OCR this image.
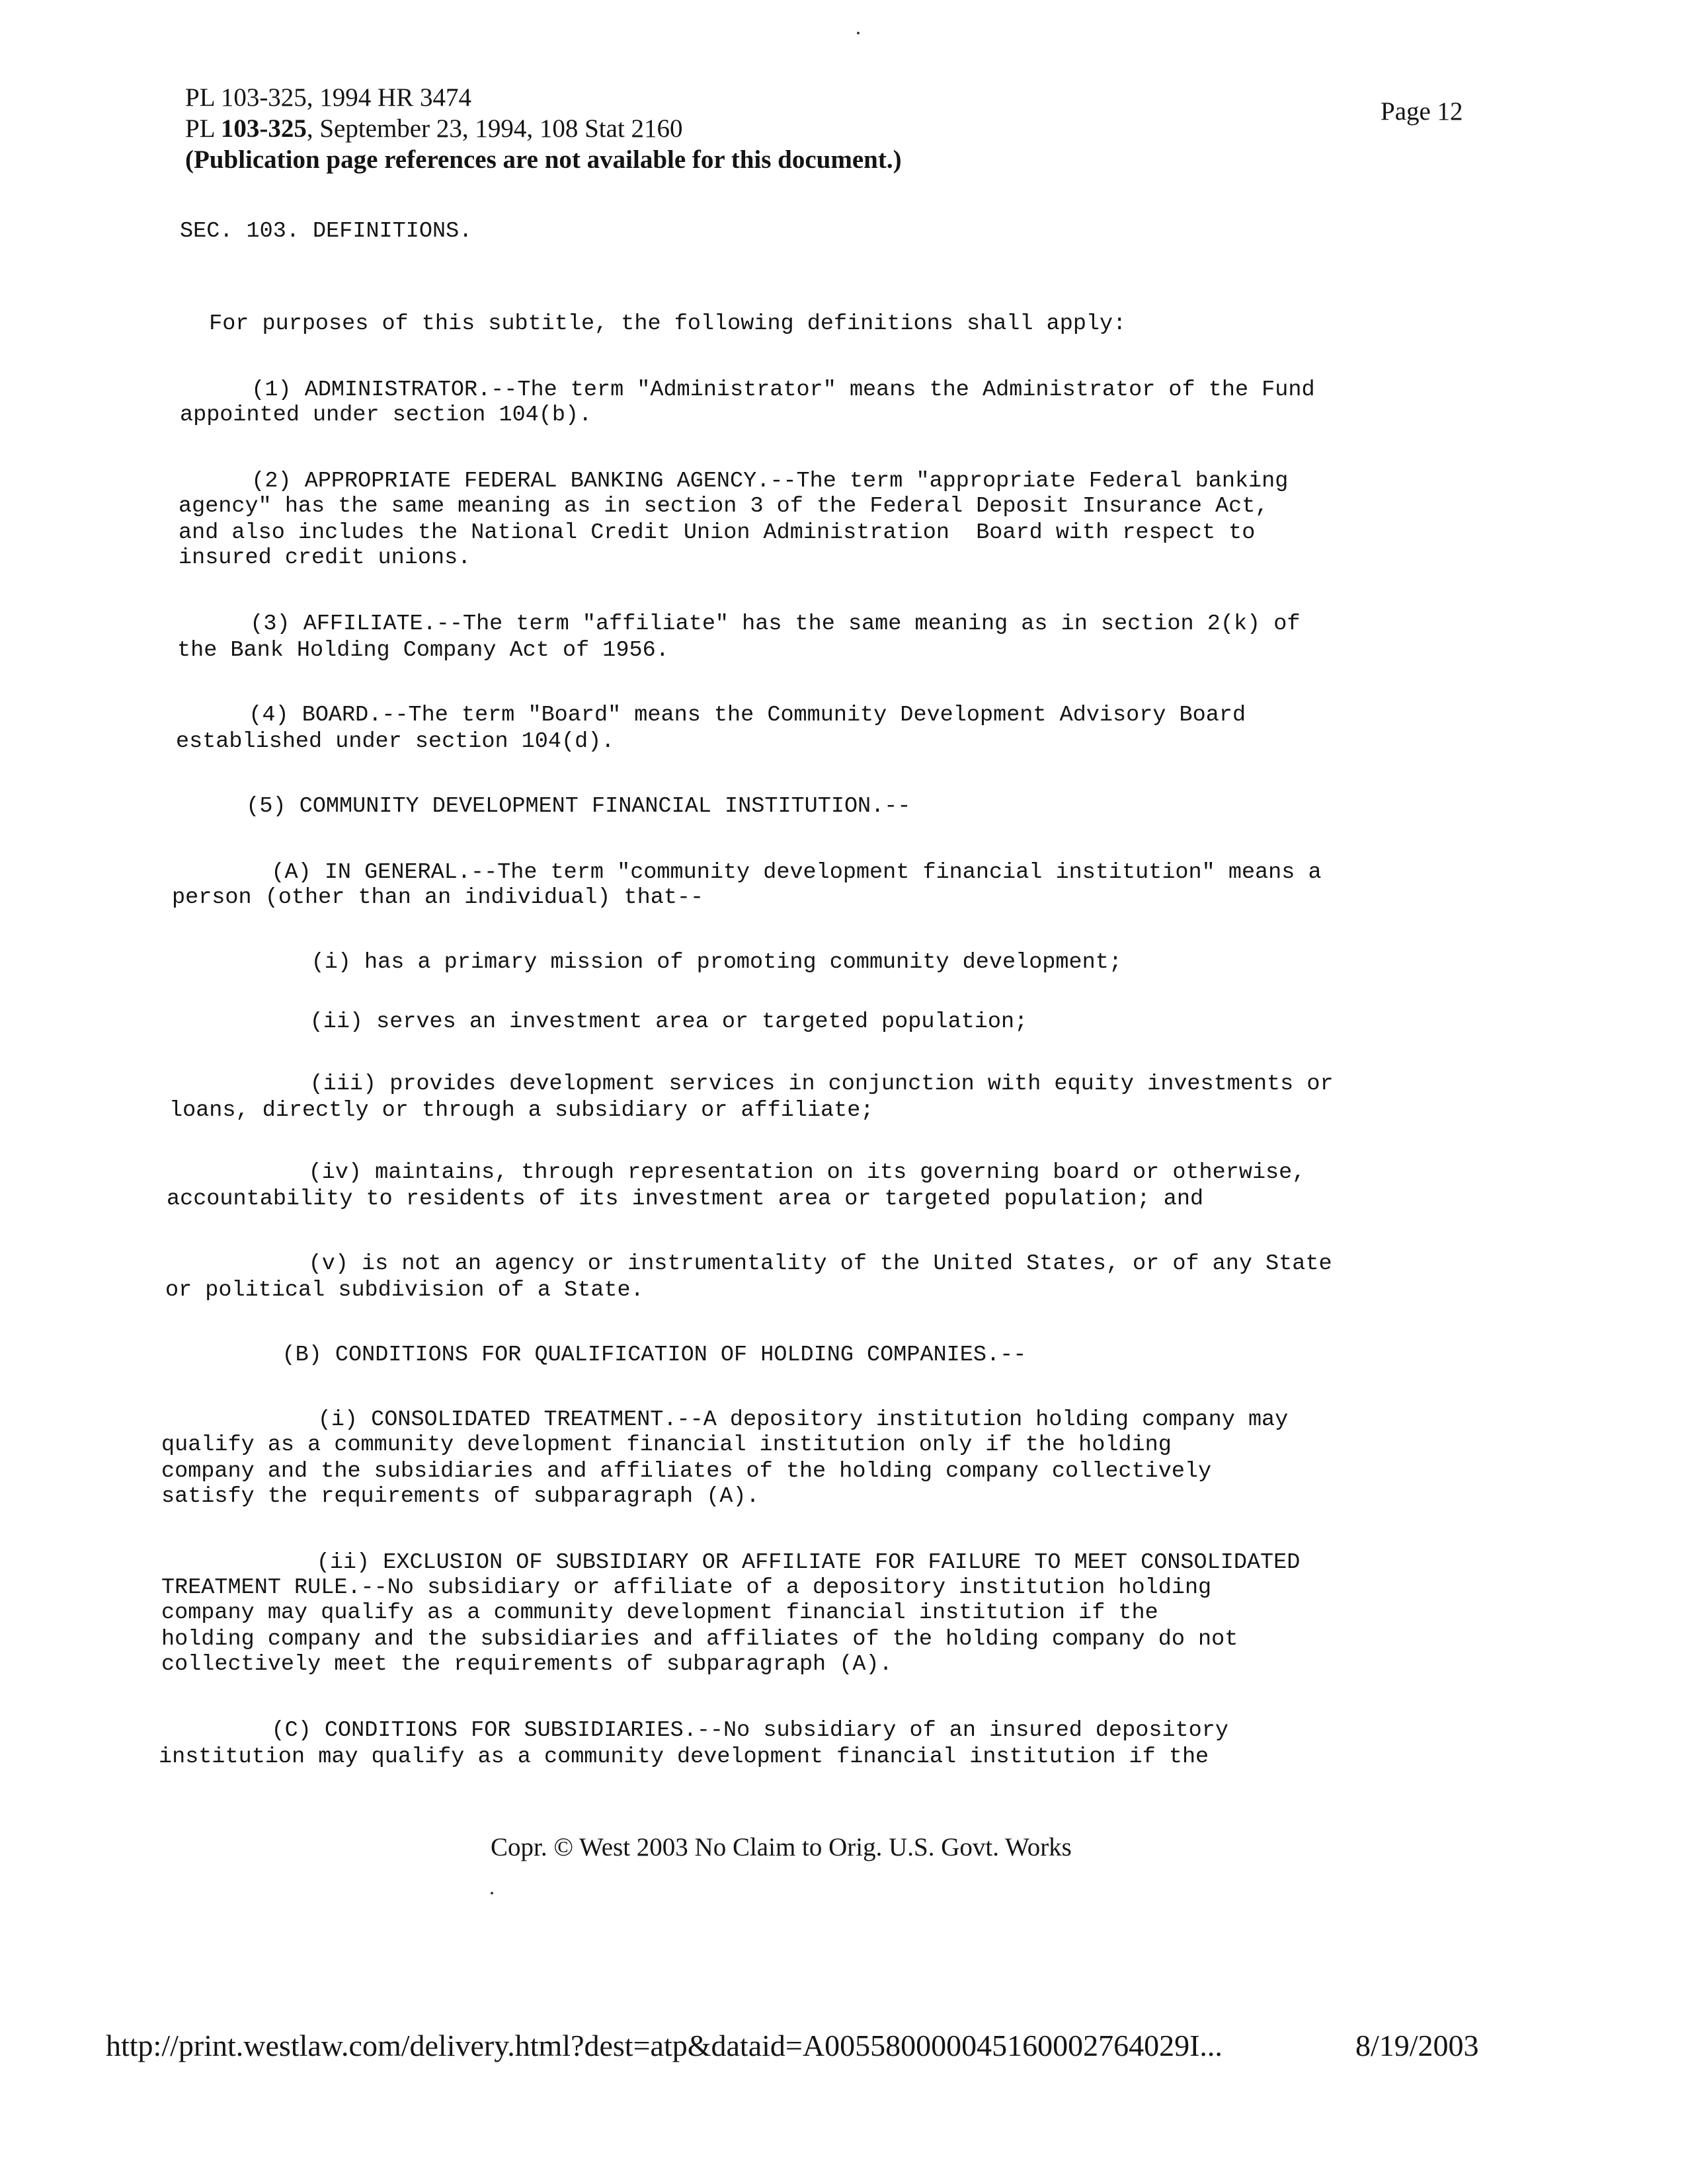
PL 103-325, 1994 HR 3474
PL 103-325, September 23, 1994, 108 Stat 2160
(Publication page references are not available for this document.)
Page 12
SEC. 103. DEFINITIONS.
For purposes of this subtitle, the following definitions shall apply:
(1) ADMINISTRATOR.--The term "Administrator" means the Administrator of the Fund
appointed under section 104(b).
(2) APPROPRIATE FEDERAL BANKING AGENCY.--The term "appropriate Federal banking
agency" has the same meaning as in section 3 of the Federal Deposit Insurance Act,
and also includes the National Credit Union Administration  Board with respect to
insured credit unions.
(3) AFFILIATE.--The term "affiliate" has the same meaning as in section 2(k) of
the Bank Holding Company Act of 1956.
(4) BOARD.--The term "Board" means the Community Development Advisory Board
established under section 104(d).
(5) COMMUNITY DEVELOPMENT FINANCIAL INSTITUTION.--
(A) IN GENERAL.--The term "community development financial institution" means a
person (other than an individual) that--
(i) has a primary mission of promoting community development;
(ii) serves an investment area or targeted population;
(iii) provides development services in conjunction with equity investments or
loans, directly or through a subsidiary or affiliate;
(iv) maintains, through representation on its governing board or otherwise,
accountability to residents of its investment area or targeted population; and
(v) is not an agency or instrumentality of the United States, or of any State
or political subdivision of a State.
(B) CONDITIONS FOR QUALIFICATION OF HOLDING COMPANIES.--
(i) CONSOLIDATED TREATMENT.--A depository institution holding company may
qualify as a community development financial institution only if the holding
company and the subsidiaries and affiliates of the holding company collectively
satisfy the requirements of subparagraph (A).
(ii) EXCLUSION OF SUBSIDIARY OR AFFILIATE FOR FAILURE TO MEET CONSOLIDATED
TREATMENT RULE.--No subsidiary or affiliate of a depository institution holding
company may qualify as a community development financial institution if the
holding company and the subsidiaries and affiliates of the holding company do not
collectively meet the requirements of subparagraph (A).
(C) CONDITIONS FOR SUBSIDIARIES.--No subsidiary of an insured depository
institution may qualify as a community development financial institution if the
Copr. © West 2003 No Claim to Orig. U.S. Govt. Works
http://print.westlaw.com/delivery.html?dest=atp&dataid=A005580000045160002764029I...	8/19/2003
